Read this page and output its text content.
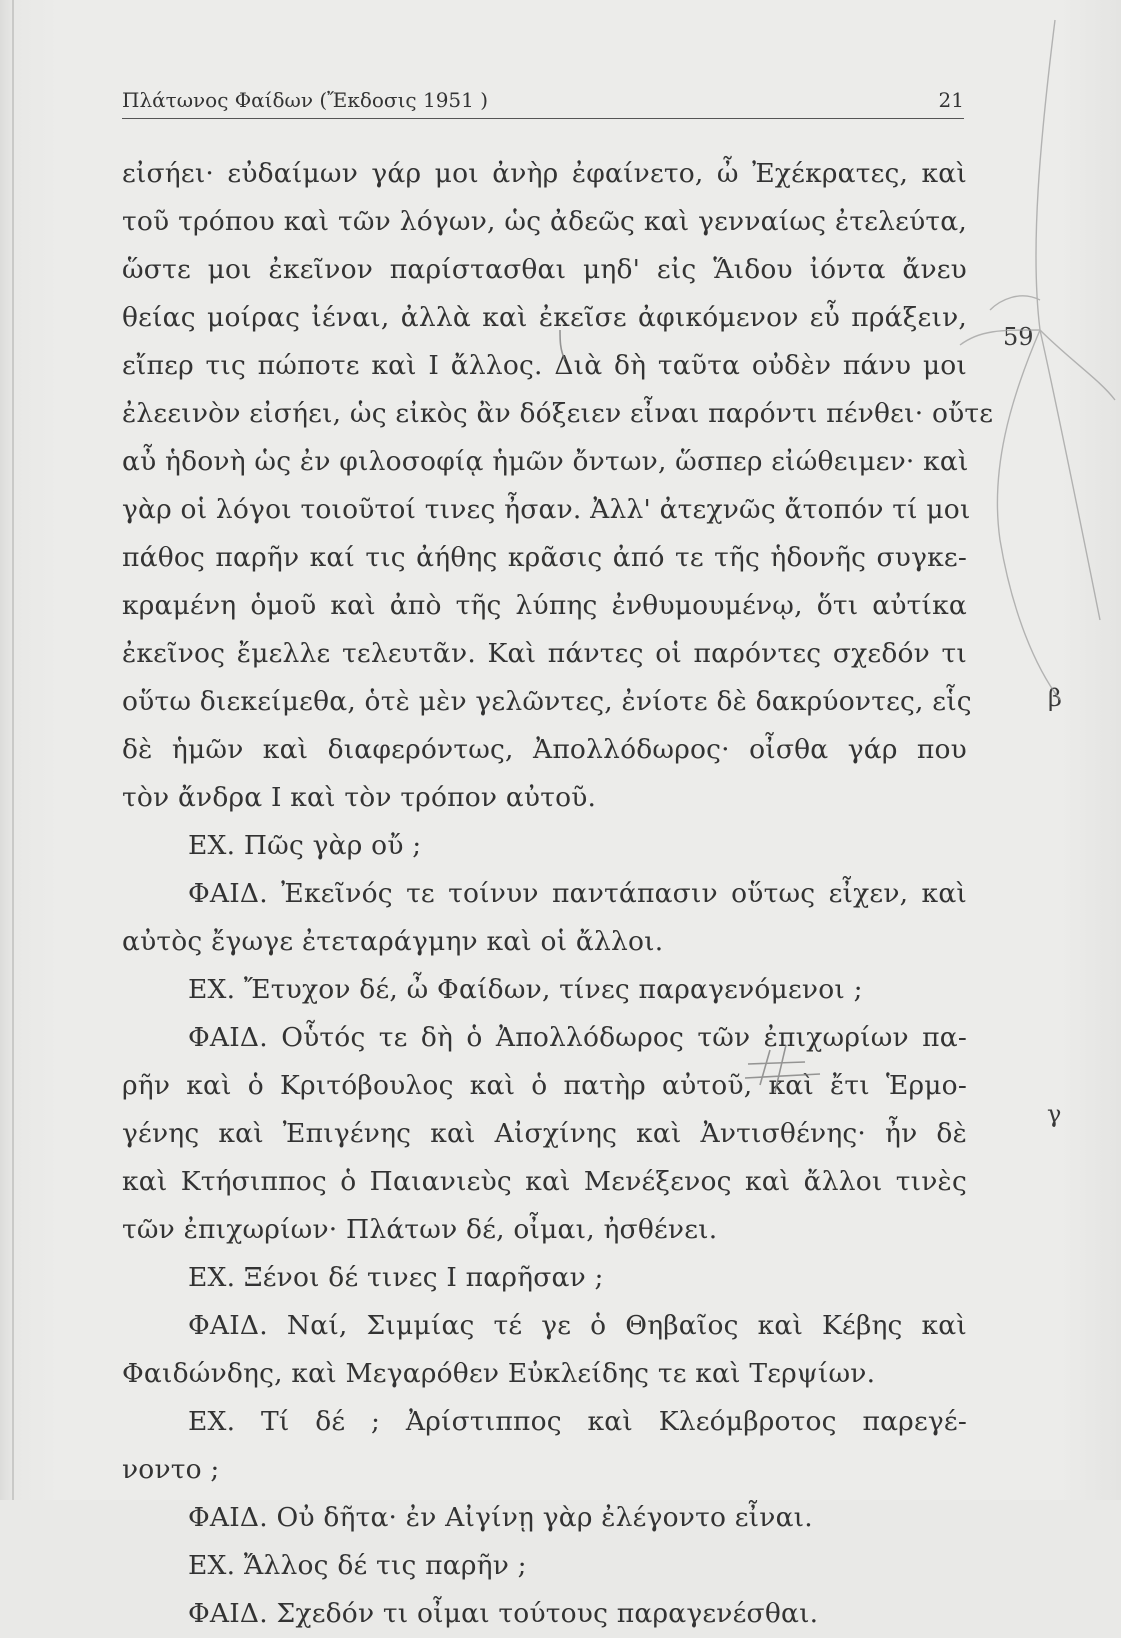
Πλάτωνος Φαίδων (Ἔκδοσις 1951 )	21
εἰσήει· εὐδαίμων γάρ μοι ἀνὴρ ἐφαίνετο, ὦ Ἐχέκρατες, καὶ
τοῦ τρόπου καὶ τῶν λόγων, ὡς ἀδεῶς καὶ γενναίως ἐτελεύτα,
ὥστε μοι ἐκεῖνον παρίστασθαι μηδ' εἰς Ἅιδου ἰόντα ἄνευ
θείας μοίρας ἰέναι, ἀλλὰ καὶ ἐκεῖσε ἀφικόμενον εὖ πράξειν,
εἴπερ τις πώποτε καὶ Ι ἄλλος. Διὰ δὴ ταῦτα οὐδὲν πάνυ μοι
ἐλεεινὸν εἰσήει, ὡς εἰκὸς ἂν δόξειεν εἶναι παρόντι πένθει· οὔτε
αὖ ἡδονὴ ὡς ἐν φιλοσοφίᾳ ἡμῶν ὄντων, ὥσπερ εἰώθειμεν· καὶ
γὰρ οἱ λόγοι τοιοῦτοί τινες ἦσαν. Ἀλλ' ἀτεχνῶς ἄτοπόν τί μοι
πάθος παρῆν καί τις ἀήθης κρᾶσις ἀπό τε τῆς ἡδονῆς συγκε-
κραμένη ὁμοῦ καὶ ἀπὸ τῆς λύπης ἐνθυμουμένῳ, ὅτι αὐτίκα
ἐκεῖνος ἔμελλε τελευτᾶν. Καὶ πάντες οἱ παρόντες σχεδόν τι
οὕτω διεκείμεθα, ὁτὲ μὲν γελῶντες, ἐνίοτε δὲ δακρύοντες, εἷς
δὲ ἡμῶν καὶ διαφερόντως, Ἀπολλόδωρος· οἶσθα γάρ που
τὸν ἄνδρα Ι καὶ τὸν τρόπον αὐτοῦ.
ΕΧ. Πῶς γὰρ οὔ ;
ΦΑΙΔ. Ἐκεῖνός τε τοίνυν παντάπασιν οὕτως εἶχεν, καὶ
αὐτὸς ἔγωγε ἐτεταράγμην καὶ οἱ ἄλλοι.
ΕΧ. Ἔτυχον δέ, ὦ Φαίδων, τίνες παραγενόμενοι ;
ΦΑΙΔ. Οὗτός τε δὴ ὁ Ἀπολλόδωρος τῶν ἐπιχωρίων πα-
ρῆν καὶ ὁ Κριτόβουλος καὶ ὁ πατὴρ αὐτοῦ, καὶ ἔτι Ἑρμο-
γένης καὶ Ἐπιγένης καὶ Αἰσχίνης καὶ Ἀντισθένης· ἦν δὲ
καὶ Κτήσιππος ὁ Παιανιεὺς καὶ Μενέξενος καὶ ἄλλοι τινὲς
τῶν ἐπιχωρίων· Πλάτων δέ, οἶμαι, ἠσθένει.
ΕΧ. Ξένοι δέ τινες Ι παρῆσαν ;
ΦΑΙΔ. Ναί, Σιμμίας τέ γε ὁ Θηβαῖος καὶ Κέβης καὶ
Φαιδώνδης, καὶ Μεγαρόθεν Εὐκλείδης τε καὶ Τερψίων.
ΕΧ. Τί δέ ; Ἀρίστιππος καὶ Κλεόμβροτος παρεγέ-
νοντο ;
ΦΑΙΔ. Οὐ δῆτα· ἐν Αἰγίνῃ γὰρ ἐλέγοντο εἶναι.
ΕΧ. Ἄλλος δέ τις παρῆν ;
ΦΑΙΔ. Σχεδόν τι οἶμαι τούτους παραγενέσθαι.
59
β
γ
